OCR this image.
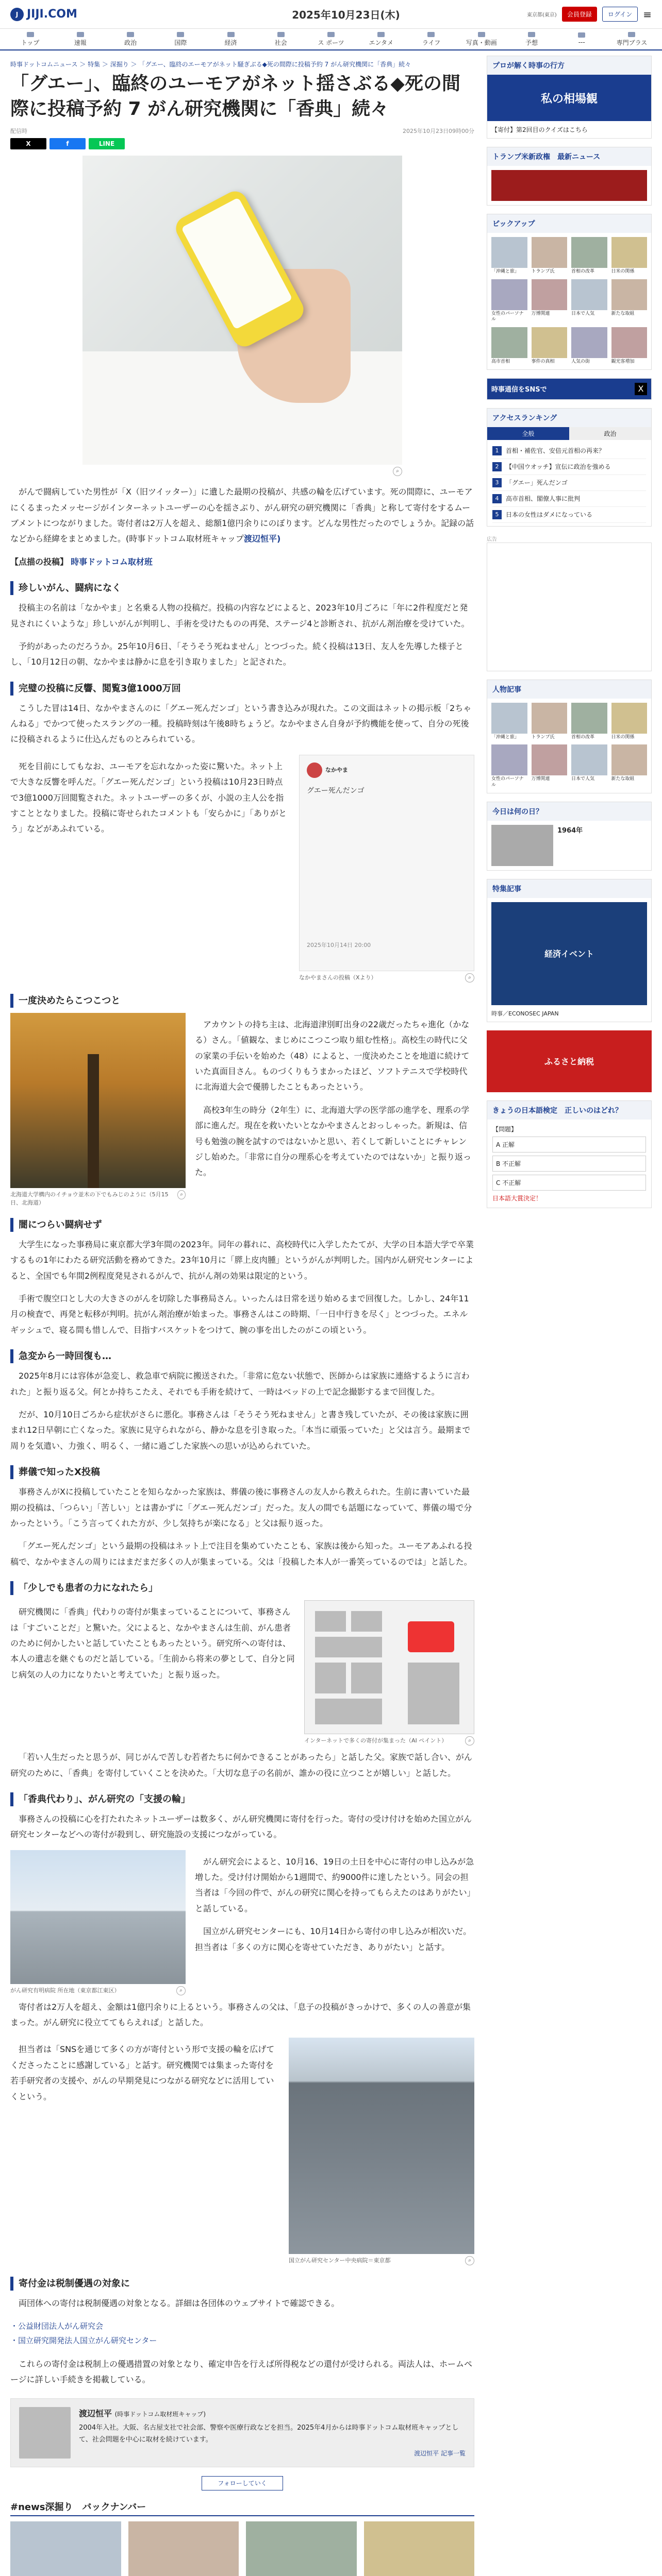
J JIJI.COM	2025年10月23日(木)	東京都(東京)	会員登録	ログイン	≡
トップ	速報	政治	国際	経済	社会	ス ポーツ	エンタメ	ライフ	写真・動画	予想	---	専門ブラス
時事ドットコムニュース ＞ 特集 ＞ 深掘り ＞ 「グエー、臨終のエーモアがネット騒ぎぶる◆死の間際に投稿予約 7 がん研究機関に「香典」続々
「グエー」、臨終のユーモアがネット揺さぶる◆死の間際に投稿予約 7 がん研究機関に「香典」続々
配信時	2025年10月23日09時00分
X	f	LINE
⌕

がんで闘病していた男性が「X（旧ツイッター）」に遺した最期の投稿が、共感の輪を広げています。死の間際に、ユーモアにくるまったメッセージがインターネットユーザーの心を揺さぶり、がん研究の研究機関に「香典」と称して寄付をするムーブメントにつながりました。寄付者は2万人を超え、総額1億円余りにのぼります。どんな男性だったのでしょうか。記録の話などから経緯をまとめました。(時事ドットコム取材班キャップ渡辺恒平)

【点描の投稿】 時事ドットコム取材班

珍しいがん、闘病になく

投稿主の名前は「なかやま」と名乗る人物の投稿だ。投稿の内容などによると、2023年10月ごろに「年に2件程度だと発見されにくいような」珍しいがんが判明し、手術を受けたものの再発、ステージ4と診断され、抗がん剤治療を受けていた。

予約があったのだろうか。25年10月6日、「そうそう死ねません」とつづった。続く投稿は13日、友人を先導した様子とし、「10月12日の朝、なかやまは静かに息を引き取りました」と記された。

完璧の投稿に反響、閲覧3億1000万回

こうした冒は14日、なかやまさんのに「グエー死んだンゴ」という書き込みが現れた。この文面はネットの掲示板「2ちゃんねる」でかつて使ったスラングの一種。投稿時刻は午後8時ちょうど。なかやまさん自身が予約機能を使って、自分の死後に投稿されるように仕込んだものとみられている。

死を目前にしてもなお、ユーモアを忘れなかった姿に驚いた。ネット上で大きな反響を呼んだ。「グエー死んだンゴ」という投稿は10月23日時点で3億1000万回閲覧された。ネットユーザーの多くが、小説の主人公を指すこととなりました。投稿に寄せられたコメントも「安らかに」「ありがとう」などがあふれている。

なかやま
グエー死んだンゴ
2025年10月14日 20:00
なかやまさんの投稿（Xより）	⌕
一度決めたらこつこつと
北海道大学構内のイチョウ並木の下でもみじのように（5月15日、北海道）
⌕

アカウントの持ち主は、北海道津別町出身の22歳だったちゃ進化（かなる）さん。「値観な、まじめにこつこつ取り組む性格」。高校生の時代に父の家業の手伝いを始めた（48）によると、一度決めたことを地道に続けていた真面目さん。ものづくりもうまかったほど、ソフトテニスで学校時代に北海道大会で優勝したこともあったという。

高校3年生の時分（2年生）に、北海道大学の医学部の進学を、理系の学部に進んだ。現在を救いたいとなかやまさんとおっしゃった。新規は、信号も勉強の腕を試すのではないかと思い、若くして新しいことにチャレンジし始めた。「非常に自分の理系心を考えていたのではないか」と振り返った。

闇につらい闘病せず

大学生になった事務局に東京都大学3年間の2023年。同年の暮れに、高校時代に入学したたてが、大学の日本語大学で卒業するもの1年にわたる研究活動を務めてきた。23年10月に「膵上皮肉腫」というがんが判明した。国内がん研究センターによると、全国でも年間2例程度発見されるがんで、抗がん剤の効果は限定的という。

手術で腹空口とし大の大きさのがんを切除した事務局さん。いったんは日常を送り始めるまで回復した。しかし、24年11月の検査で、再発と転移が判明。抗がん剤治療が始まった。事務さんはこの時期、「一日中行きを尽く」とつづった。エネルギッシュで、寝る間も惜しんで、目指すバスケットをつけて、腕の事を出したのがこの頃という。

急変から一時回復も…

2025年8月には容体が急変し、救急車で病院に搬送された。「非常に危ない状態で、医師からは家族に連絡するように言われた」と振り返る父。何とか持ちこたえ、それでも手術を続けて、一時はベッドの上で記念撮影するまで回復した。

だが、10月10日ごろから症状がさらに悪化。事務さんは「そうそう死ねません」と書き残していたが、その後は家族に囲まれ12日早朝に亡くなった。家族に見守られながら、静かな息を引き取った。「本当に頑張っていた」と父は言う。最期まで周りを気遣い、力強く、明るく、一緒に過ごした家族への思いが込められていた。

葬儀で知ったX投稿

事務さんがXに投稿していたことを知らなかった家族は、葬儀の後に事務さんの友人から教えられた。生前に書いていた最期の投稿は、「つらい」「苦しい」とは書かずに「グエー死んだンゴ」だった。友人の間でも話題になっていて、葬儀の場で分かったという。「こう言ってくれた方が、少し気持ちが楽になる」と父は振り返った。

「グエー死んだンゴ」という最期の投稿はネット上で注目を集めていたことも、家族は後から知った。ユーモアあふれる投稿で、なかやまさんの周りにはまだまだ多くの人が集まっている。父は「投稿した本人が一番笑っているのでは」と話した。

「少しでも患者の力になれたら」

研究機関に「香典」代わりの寄付が集まっていることについて、事務さんは「すごいことだ」と驚いた。父によると、なかやまさんは生前、がん患者のために何かしたいと話していたこともあったという。研究所への寄付は、本人の遺志を継ぐものだと話している。「生前から将来の夢として、自分と同じ病気の人の力になりたいと考えていた」と振り返った。

インターネットで多くの寄付が集まった（AI ペイント）	⌕

「若い人生だったと思うが、同じがんで苦しむ若者たちに何かできることがあったら」と話した父。家族で話し合い、がん研究のために、「香典」を寄付していくことを決めた。「大切な息子の名前が、誰かの役に立つことが嬉しい」と話した。

「香典代わり」、がん研究の「支援の輪」

事務さんの投稿に心を打たれたネットユーザーは数多く、がん研究機関に寄付を行った。寄付の受け付けを始めた国立がん研究センターなどへの寄付が殺到し、研究施設の支援につながっている。

がん研究有明病院 所在地（東京都江東区）	⌕

がん研究会によると、10月16、19日の土日を中心に寄付の申し込みが急増した。受け付け開始から1週間で、約9000件に達したという。同会の担当者は「今回の件で、がんの研究に関心を持ってもらえたのはありがたい」と話している。

国立がん研究センターにも、10月14日から寄付の申し込みが相次いだ。担当者は「多くの方に関心を寄せていただき、ありがたい」と話す。

寄付者は2万人を超え、金額は1億円余りに上るという。事務さんの父は、「息子の投稿がきっかけで、多くの人の善意が集まった。がん研究に役立ててもらえれば」と話した。

担当者は「SNSを通じて多くの方が寄付という形で支援の輪を広げてくださったことに感謝している」と話す。研究機関では集まった寄付を若手研究者の支援や、がんの早期発見につながる研究などに活用していくという。

国立がん研究センター中央病院＝東京都	⌕
寄付金は税制優遇の対象に

両団体への寄付は税制優遇の対象となる。詳細は各団体のウェブサイトで確認できる。

・公益財団法人がん研究会
・国立研究開発法人国立がん研究センター

これらの寄付金は税制上の優遇措置の対象となり、確定申告を行えば所得税などの還付が受けられる。両法人は、ホームページに詳しい手続きを掲載している。

渡辺恒平 (時事ドットコム取材班キャップ)
2004年入社。大阪、名古屋支社で社会部、警察や医療行政などを担当。2025年4月からは時事ドットコム取材班キャップとして、社会問題を中心に取材を続けています。
渡辺恒平 記事一覧
フォローしていく
#news深掘り　バックナンバー
プロが解く時事の行方
私の相場観
【寄付】第2回目のクイズはこちら
トランプ米新政権　最新ニュース
ピックアップ
「沖縄と旅」	トランプ氏	首相の改革	日米の関係
女性のパーソナル
万博関連	日本で人気	新たな取組
高市首相	事件の真相	人気の街	観光客増加
時事通信をSNSで	X
アクセスランキング
全般	政治
1	首相・補佐官、安倍元首相の再来？
2	【中国ウオッチ】宣伝に政治を強める
3	「グエー」死んだンゴ
4	高市首相、閣僚人事に批判
5	日本の女性はダメになっている
広告
人物記事
「沖縄と旅」	トランプ氏	首相の改革	日米の関係
女性のパーソナル
万博関連	日本で人気	新たな取組
今日は何の日？
1964年
特集記事
経済イベント
時事／ECONOSEC JAPAN
ふるさと納税
きょうの日本語検定　正しいのはどれ？
【問題】
A 正解
B 不正解
C 不正解
日本語大賞決定！
